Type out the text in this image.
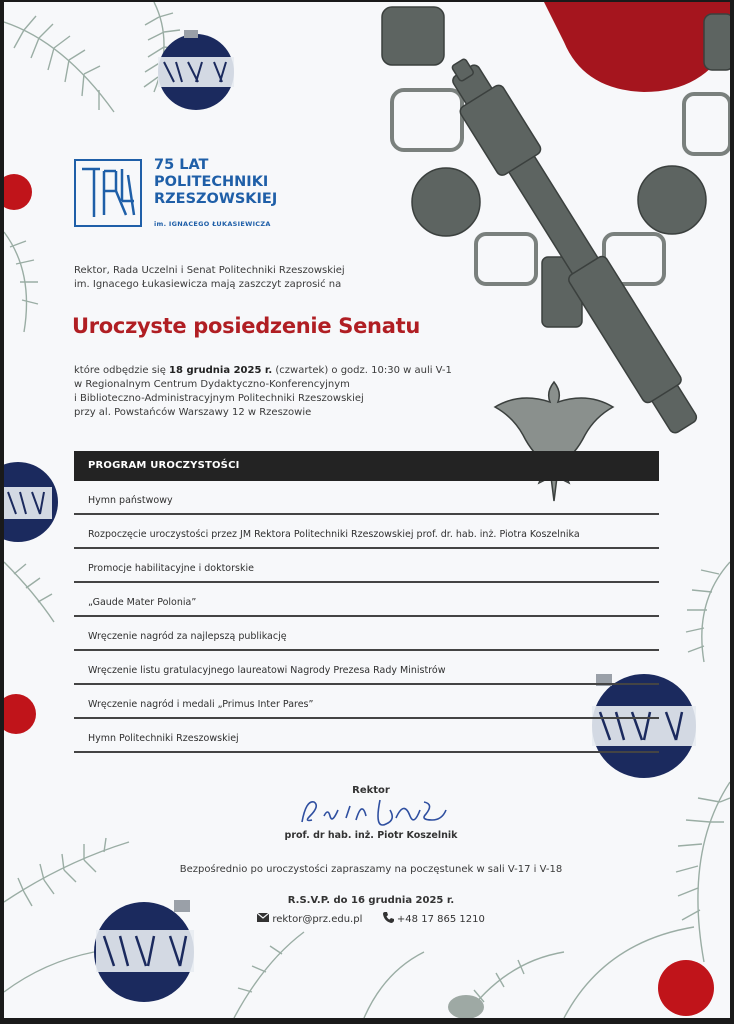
75 LAT
POLITECHNIKI
RZESZOWSKIEJ
im. IGNACEGO ŁUKASIEWICZA
Rektor, Rada Uczelni i Senat Politechniki Rzeszowskiej
im. Ignacego Łukasiewicza mają zaszczyt zaprosić na
Uroczyste posiedzenie Senatu
które odbędzie się 18 grudnia 2025 r. (czwartek) o godz. 10:30 w auli V-1
w Regionalnym Centrum Dydaktyczno-Konferencyjnym
i Biblioteczno-Administracyjnym Politechniki Rzeszowskiej
przy al. Powstańców Warszawy 12 w Rzeszowie
PROGRAM UROCZYSTOŚCI
Hymn państwowy
Rozpoczęcie uroczystości przez JM Rektora Politechniki Rzeszowskiej prof. dr. hab. inż. Piotra Koszelnika
Promocje habilitacyjne i doktorskie
„Gaude Mater Polonia”
Wręczenie nagród za najlepszą publikację
Wręczenie listu gratulacyjnego laureatowi Nagrody Prezesa Rady Ministrów
Wręczenie nagród i medali „Primus Inter Pares”
Hymn Politechniki Rzeszowskiej
Rektor
prof. dr hab. inż. Piotr Koszelnik
Bezpośrednio po uroczystości zapraszamy na poczęstunek w sali V-17 i V-18
R.S.V.P. do 16 grudnia 2025 r.
rektor@prz.edu.pl	+48 17 865 1210
